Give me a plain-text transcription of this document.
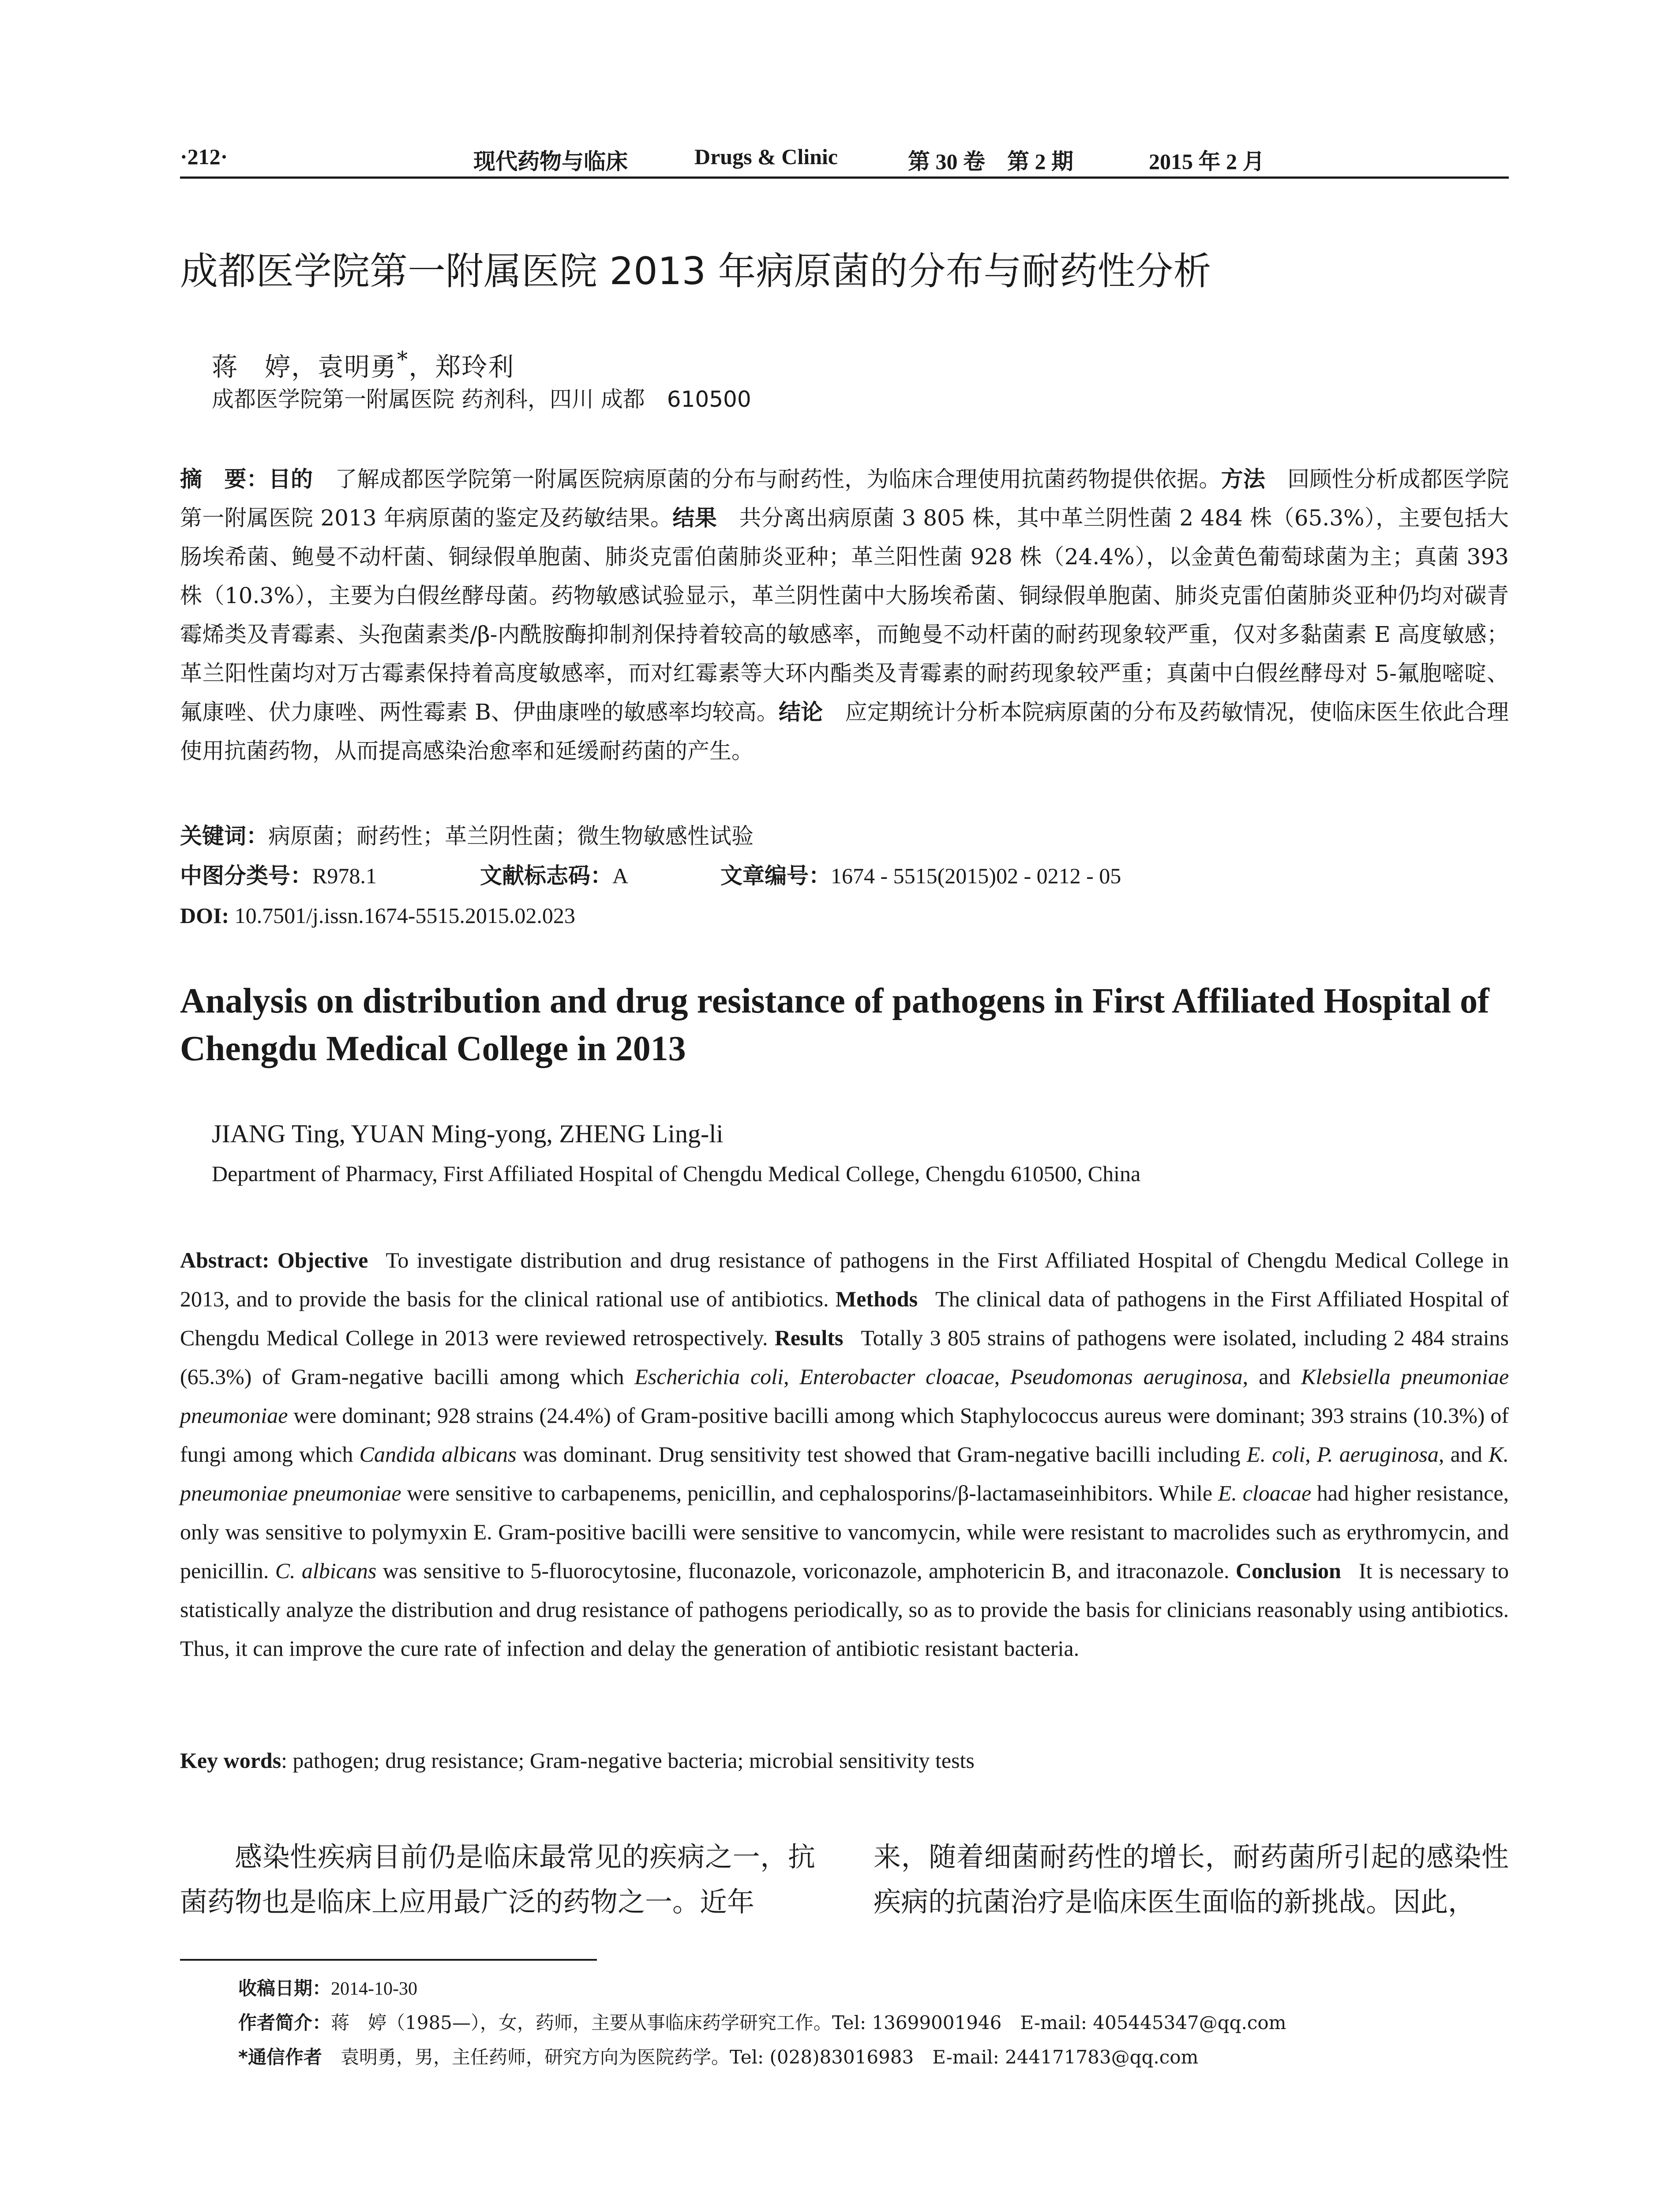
·212·	现代药物与临床	Drugs & Clinic	第 30 卷　第 2 期	2015 年 2 月
成都医学院第一附属医院 2013 年病原菌的分布与耐药性分析
蒋　婷，袁明勇*，郑玲利
成都医学院第一附属医院 药剂科，四川 成都　610500
摘　要：目的　了解成都医学院第一附属医院病原菌的分布与耐药性，为临床合理使用抗菌药物提供依据。方法　回顾性分析成都医学院第一附属医院 2013 年病原菌的鉴定及药敏结果。结果　共分离出病原菌 3 805 株，其中革兰阴性菌 2 484 株（65.3%），主要包括大肠埃希菌、鲍曼不动杆菌、铜绿假单胞菌、肺炎克雷伯菌肺炎亚种；革兰阳性菌 928 株（24.4%），以金黄色葡萄球菌为主；真菌 393 株（10.3%），主要为白假丝酵母菌。药物敏感试验显示，革兰阴性菌中大肠埃希菌、铜绿假单胞菌、肺炎克雷伯菌肺炎亚种仍均对碳青霉烯类及青霉素、头孢菌素类/β-内酰胺酶抑制剂保持着较高的敏感率，而鲍曼不动杆菌的耐药现象较严重，仅对多黏菌素 E 高度敏感；革兰阳性菌均对万古霉素保持着高度敏感率，而对红霉素等大环内酯类及青霉素的耐药现象较严重；真菌中白假丝酵母对 5-氟胞嘧啶、氟康唑、伏力康唑、两性霉素 B、伊曲康唑的敏感率均较高。结论　应定期统计分析本院病原菌的分布及药敏情况，使临床医生依此合理使用抗菌药物，从而提高感染治愈率和延缓耐药菌的产生。
关键词：病原菌；耐药性；革兰阴性菌；微生物敏感性试验
中图分类号：R978.1	文献标志码：A	文章编号：1674 - 5515(2015)02 - 0212 - 05
DOI: 10.7501/j.issn.1674-5515.2015.02.023
Analysis on distribution and drug resistance of pathogens in First Affiliated Hospital of Chengdu Medical College in 2013
JIANG Ting, YUAN Ming-yong, ZHENG Ling-li
Department of Pharmacy, First Affiliated Hospital of Chengdu Medical College, Chengdu 610500, China
Abstract: Objective To investigate distribution and drug resistance of pathogens in the First Affiliated Hospital of Chengdu Medical College in 2013, and to provide the basis for the clinical rational use of antibiotics. Methods The clinical data of pathogens in the First Affiliated Hospital of Chengdu Medical College in 2013 were reviewed retrospectively. Results Totally 3 805 strains of pathogens were isolated, including 2 484 strains (65.3%) of Gram-negative bacilli among which Escherichia coli, Enterobacter cloacae, Pseudomonas aeruginosa, and Klebsiella pneumoniae pneumoniae were dominant; 928 strains (24.4%) of Gram-positive bacilli among which Staphylococcus aureus were dominant; 393 strains (10.3%) of fungi among which Candida albicans was dominant. Drug sensitivity test showed that Gram-negative bacilli including E. coli, P. aeruginosa, and K. pneumoniae pneumoniae were sensitive to carbapenems, penicillin, and cephalosporins/β-lactamaseinhibitors. While E. cloacae had higher resistance, only was sensitive to polymyxin E. Gram-positive bacilli were sensitive to vancomycin, while were resistant to macrolides such as erythromycin, and penicillin. C. albicans was sensitive to 5-fluorocytosine, fluconazole, voriconazole, amphotericin B, and itraconazole. Conclusion It is necessary to statistically analyze the distribution and drug resistance of pathogens periodically, so as to provide the basis for clinicians reasonably using antibiotics. Thus, it can improve the cure rate of infection and delay the generation of antibiotic resistant bacteria.
Key words: pathogen; drug resistance; Gram-negative bacteria; microbial sensitivity tests
感染性疾病目前仍是临床最常见的疾病之一，抗菌药物也是临床上应用最广泛的药物之一。近年
来，随着细菌耐药性的增长，耐药菌所引起的感染性疾病的抗菌治疗是临床医生面临的新挑战。因此，
收稿日期：2014-10-30
作者简介：蒋　婷（1985—），女，药师，主要从事临床药学研究工作。Tel: 13699001946　E-mail: 405445347@qq.com
*通信作者　袁明勇，男，主任药师，研究方向为医院药学。Tel: (028)83016983　E-mail: 244171783@qq.com
